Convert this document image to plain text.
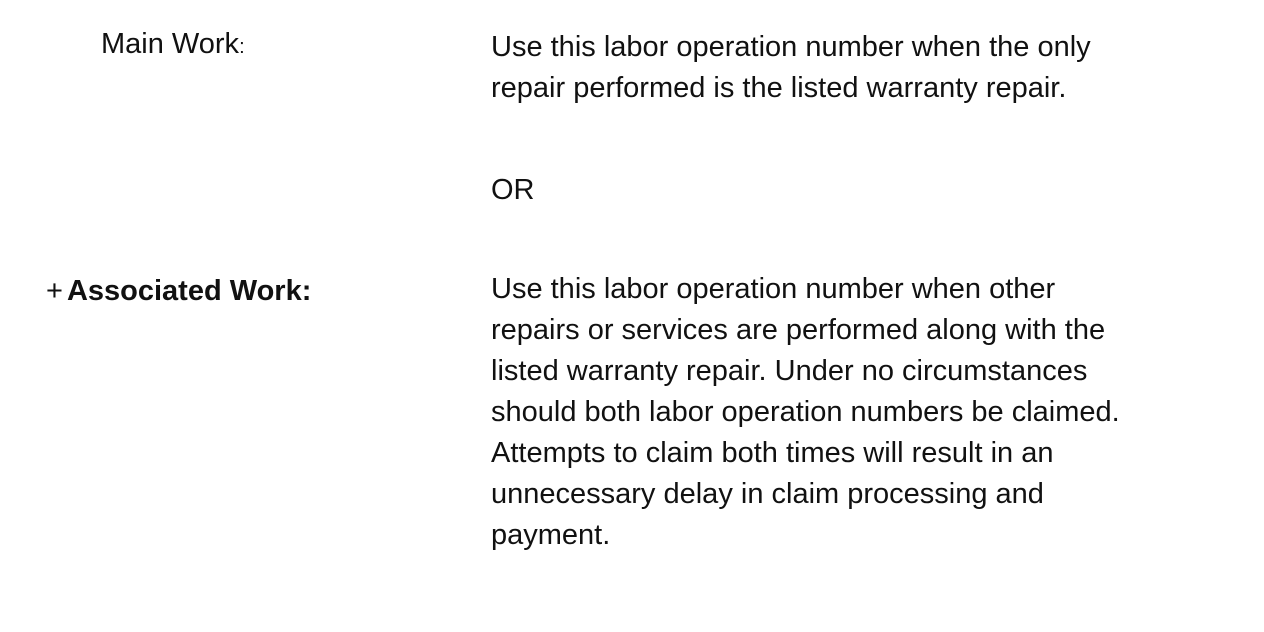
Main Work:	Use this labor operation number when the only
repair performed is the listed warranty repair.
OR
+ Associated Work:	Use this labor operation number when other
repairs or services are performed along with the
listed warranty repair. Under no circumstances
should both labor operation numbers be claimed.
Attempts to claim both times will result in an
unnecessary delay in claim processing and
payment.
